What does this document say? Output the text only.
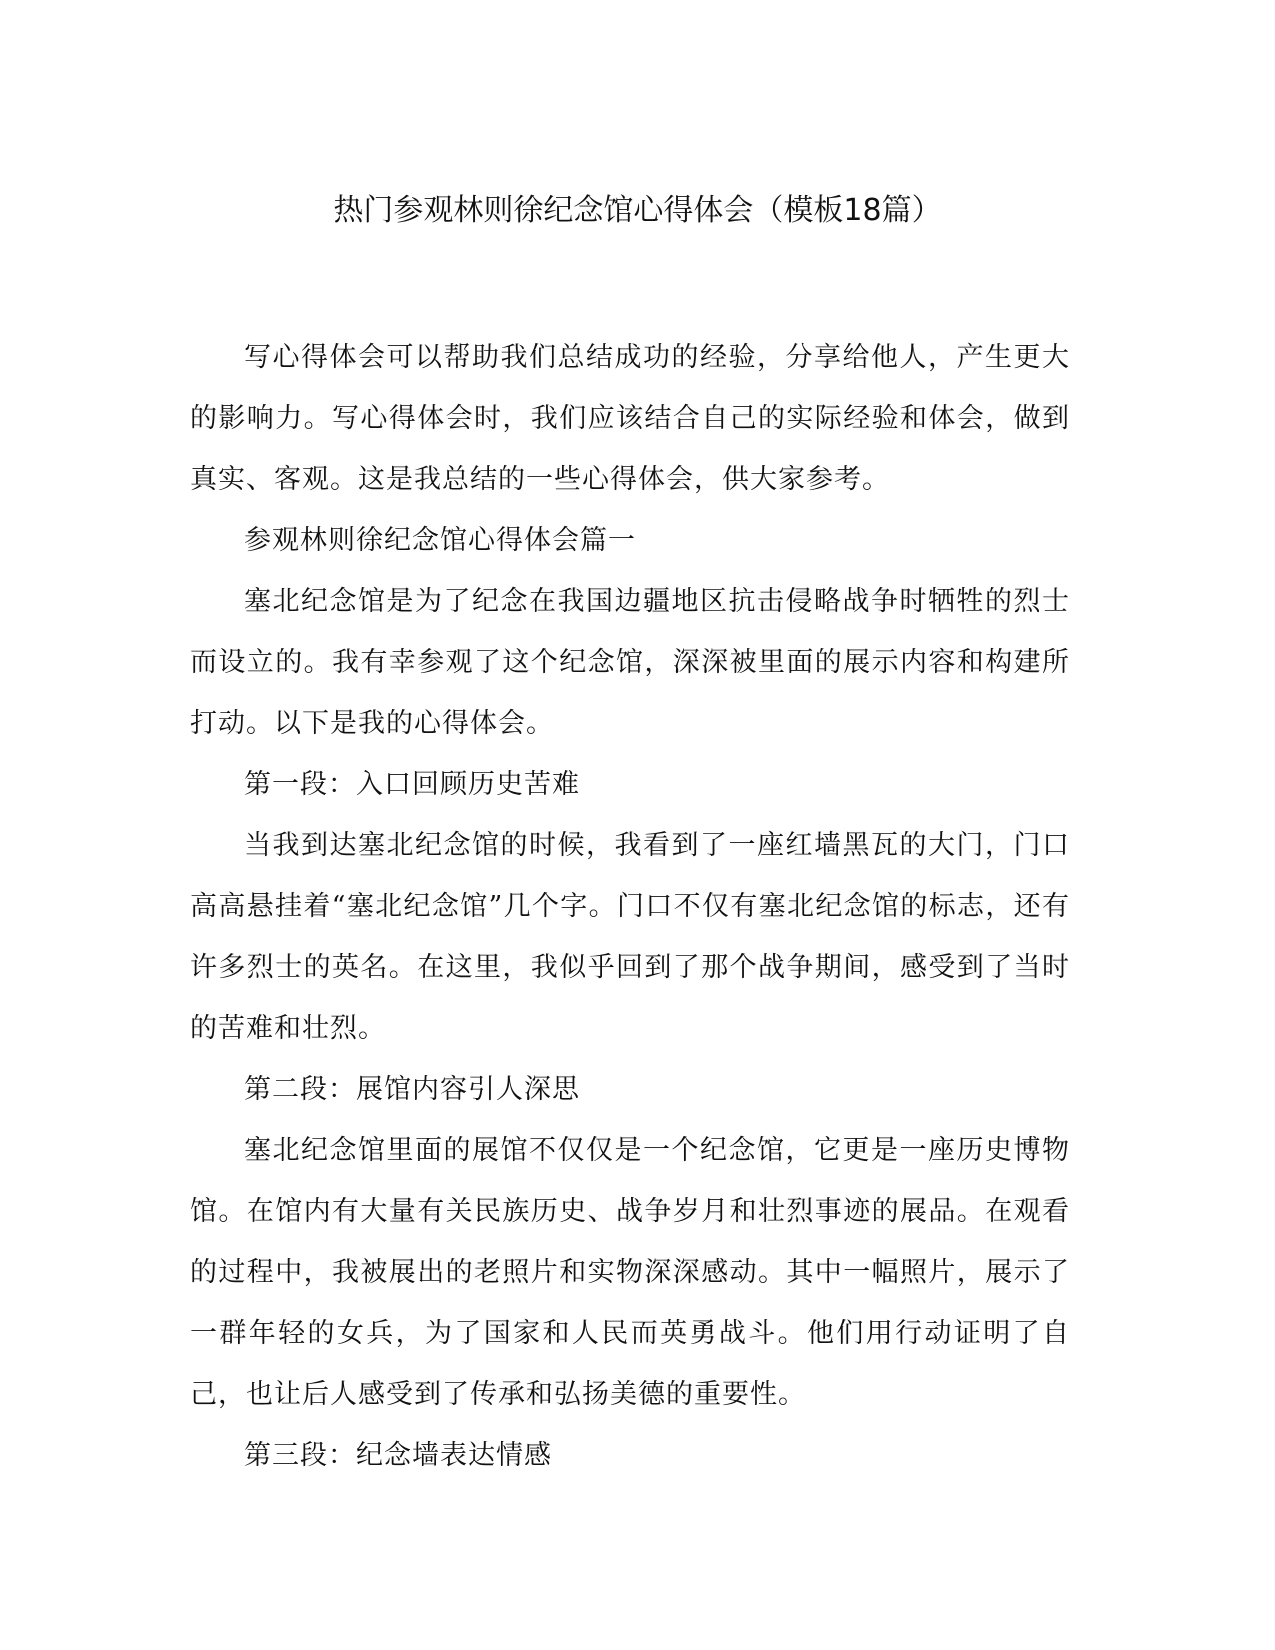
热门参观林则徐纪念馆心得体会（模板18篇）

写心得体会可以帮助我们总结成功的经验，分享给他人，产生更大的影响力。写心得体会时，我们应该结合自己的实际经验和体会，做到真实、客观。这是我总结的一些心得体会，供大家参考。

参观林则徐纪念馆心得体会篇一

塞北纪念馆是为了纪念在我国边疆地区抗击侵略战争时牺牲的烈士而设立的。我有幸参观了这个纪念馆，深深被里面的展示内容和构建所打动。以下是我的心得体会。

第一段：入口回顾历史苦难

当我到达塞北纪念馆的时候，我看到了一座红墙黑瓦的大门，门口高高悬挂着“塞北纪念馆”几个字。门口不仅有塞北纪念馆的标志，还有许多烈士的英名。在这里，我似乎回到了那个战争期间，感受到了当时的苦难和壮烈。

第二段：展馆内容引人深思

塞北纪念馆里面的展馆不仅仅是一个纪念馆，它更是一座历史博物馆。在馆内有大量有关民族历史、战争岁月和壮烈事迹的展品。在观看的过程中，我被展出的老照片和实物深深感动。其中一幅照片，展示了一群年轻的女兵，为了国家和人民而英勇战斗。他们用行动证明了自己，也让后人感受到了传承和弘扬美德的重要性。

第三段：纪念墙表达情感
